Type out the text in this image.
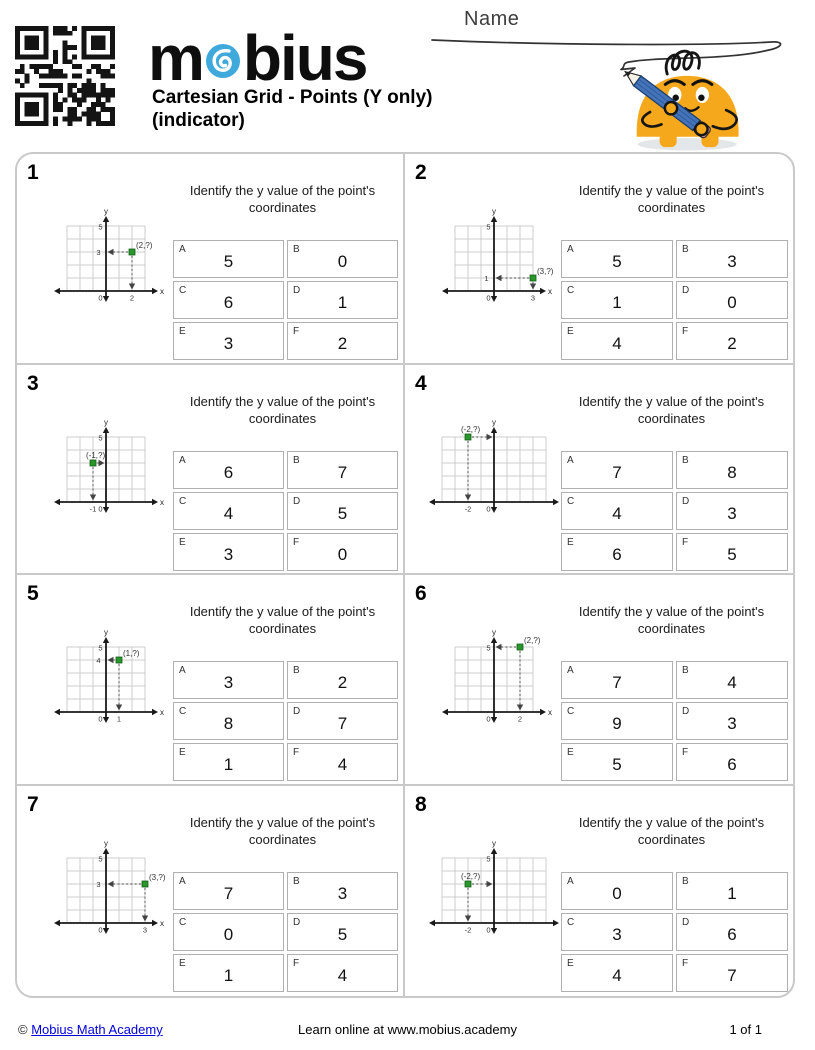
m bius
Cartesian Grid - Points (Y only)
(indicator)
Name
1
x
y
5
0	2
3
(2,?)
Identify the y value of the point's
coordinates
A
5
B
0
C
6
D
1
E
3
F
2
2
x
y
5
0	3
1
(3,?)
Identify the y value of the point's
coordinates
A
5
B
3
C
1
D
0
E
4
F
2
3
x
y
5
0
-1
(-1,?)
Identify the y value of the point's
coordinates
A
6
B
7
C
4
D
5
E
3
F
0
4
y
0
-2
(-2,?)
Identify the y value of the point's
coordinates
A
7
B
8
C
4
D
3
E
6
F
5
5
x
y
5
0 1
4
(1,?)
Identify the y value of the point's
coordinates
A
3
B
2
C
8
D
7
E
1
F
4
6
x
y
5
0	2
(2,?)
Identify the y value of the point's
coordinates
A
7
B
4
C
9
D
3
E
5
F
6
7
x
y
5
0	3
3
(3,?)
Identify the y value of the point's
coordinates
A
7
B
3
C
0
D
5
E
1
F
4
8
y
5
0
-2
(-2,?)
Identify the y value of the point's
coordinates
A
0
B
1
C
3
D
6
E
4
F
7
© Mobius Math Academy	Learn online at www.mobius.academy	1 of 1
